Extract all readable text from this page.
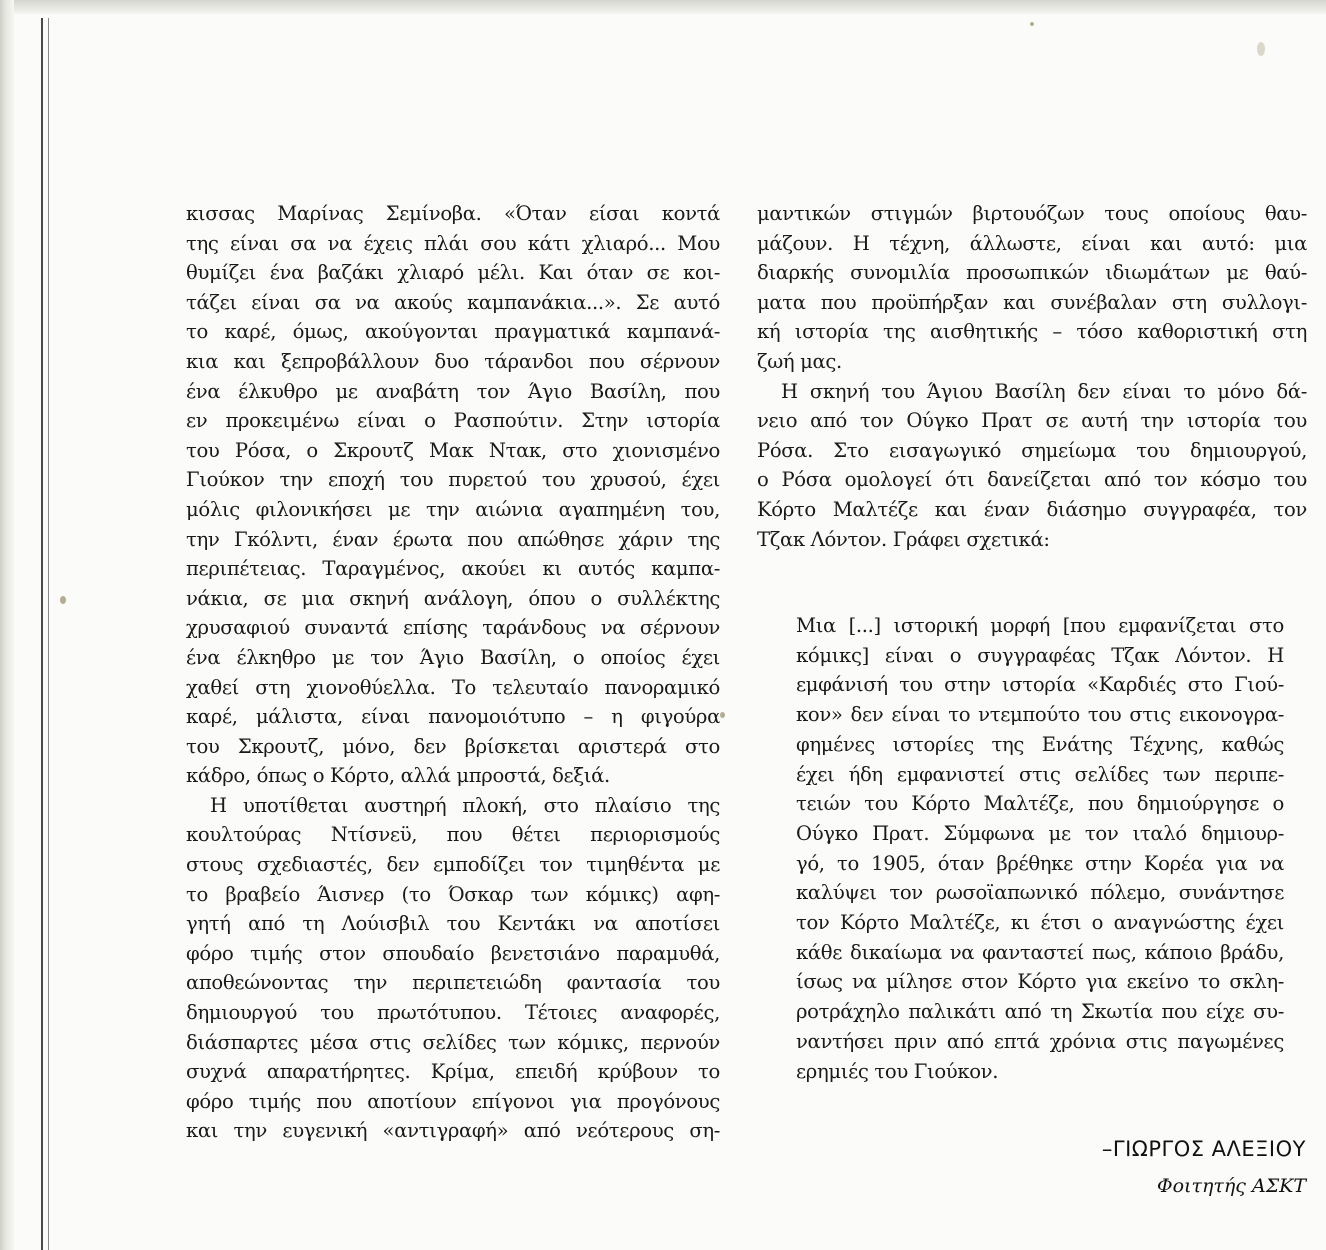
κισσας Μαρίνας Σεμίνοβα. «Όταν είσαι κοντά
της είναι σα να έχεις πλάι σου κάτι χλιαρό... Μου
θυμίζει ένα βαζάκι χλιαρό μέλι. Και όταν σε κοι-
τάζει είναι σα να ακούς καμπανάκια...». Σε αυτό
το καρέ, όμως, ακούγονται πραγματικά καμπανά-
κια και ξεπροβάλλουν δυο τάρανδοι που σέρνουν
ένα έλκυθρο με αναβάτη τον Άγιο Βασίλη, που
εν προκειμένω είναι ο Ρασπούτιν. Στην ιστορία
του Ρόσα, ο Σκρουτζ Μακ Ντακ, στο χιονισμένο
Γιούκον την εποχή του πυρετού του χρυσού, έχει
μόλις φιλονικήσει με την αιώνια αγαπημένη του,
την Γκόλντι, έναν έρωτα που απώθησε χάριν της
περιπέτειας. Ταραγμένος, ακούει κι αυτός καμπα-
νάκια, σε μια σκηνή ανάλογη, όπου ο συλλέκτης
χρυσαφιού συναντά επίσης ταράνδους να σέρνουν
ένα έλκηθρο με τον Άγιο Βασίλη, ο οποίος έχει
χαθεί στη χιονοθύελλα. Το τελευταίο πανοραμικό
καρέ, μάλιστα, είναι πανομοιότυπο – η φιγούρα
του Σκρουτζ, μόνο, δεν βρίσκεται αριστερά στο
κάδρο, όπως ο Κόρτο, αλλά μπροστά, δεξιά.

Η υποτίθεται αυστηρή πλοκή, στο πλαίσιο της
κουλτούρας Ντίσνεϋ, που θέτει περιορισμούς
στους σχεδιαστές, δεν εμποδίζει τον τιμηθέντα με
το βραβείο Άισνερ (το Όσκαρ των κόμικς) αφη-
γητή από τη Λούισβιλ του Κεντάκι να αποτίσει
φόρο τιμής στον σπουδαίο βενετσιάνο παραμυθά,
αποθεώνοντας την περιπετειώδη φαντασία του
δημιουργού του πρωτότυπου. Τέτοιες αναφορές,
διάσπαρτες μέσα στις σελίδες των κόμικς, περνούν
συχνά απαρατήρητες. Κρίμα, επειδή κρύβουν το
φόρο τιμής που αποτίουν επίγονοι για προγόνους
και την ευγενική «αντιγραφή» από νεότερους ση-

μαντικών στιγμών βιρτουόζων τους οποίους θαυ-
μάζουν. Η τέχνη, άλλωστε, είναι και αυτό: μια
διαρκής συνομιλία προσωπικών ιδιωμάτων με θαύ-
ματα που προϋπήρξαν και συνέβαλαν στη συλλογι-
κή ιστορία της αισθητικής – τόσο καθοριστική στη
ζωή μας.

Η σκηνή του Άγιου Βασίλη δεν είναι το μόνο δά-
νειο από τον Ούγκο Πρατ σε αυτή την ιστορία του
Ρόσα. Στο εισαγωγικό σημείωμα του δημιουργού,
ο Ρόσα ομολογεί ότι δανείζεται από τον κόσμο του
Κόρτο Μαλτέζε και έναν διάσημο συγγραφέα, τον
Τζακ Λόντον. Γράφει σχετικά:

Μια [...] ιστορική μορφή [που εμφανίζεται στο
κόμικς] είναι ο συγγραφέας Τζακ Λόντον. Η
εμφάνισή του στην ιστορία «Καρδιές στο Γιού-
κον» δεν είναι το ντεμπούτο του στις εικονογρα-
φημένες ιστορίες της Ενάτης Τέχνης, καθώς
έχει ήδη εμφανιστεί στις σελίδες των περιπε-
τειών του Κόρτο Μαλτέζε, που δημιούργησε ο
Ούγκο Πρατ. Σύμφωνα με τον ιταλό δημιουρ-
γό, το 1905, όταν βρέθηκε στην Κορέα για να
καλύψει τον ρωσοϊαπωνικό πόλεμο, συνάντησε
τον Κόρτο Μαλτέζε, κι έτσι ο αναγνώστης έχει
κάθε δικαίωμα να φανταστεί πως, κάποιο βράδυ,
ίσως να μίλησε στον Κόρτο για εκείνο το σκλη-
ροτράχηλο παλικάτι από τη Σκωτία που είχε συ-
ναντήσει πριν από επτά χρόνια στις παγωμένες
ερημιές του Γιούκον.
–ΓΙΩΡΓΟΣ ΑΛΕΞΙΟΥ
Φοιτητής ΑΣΚΤ
